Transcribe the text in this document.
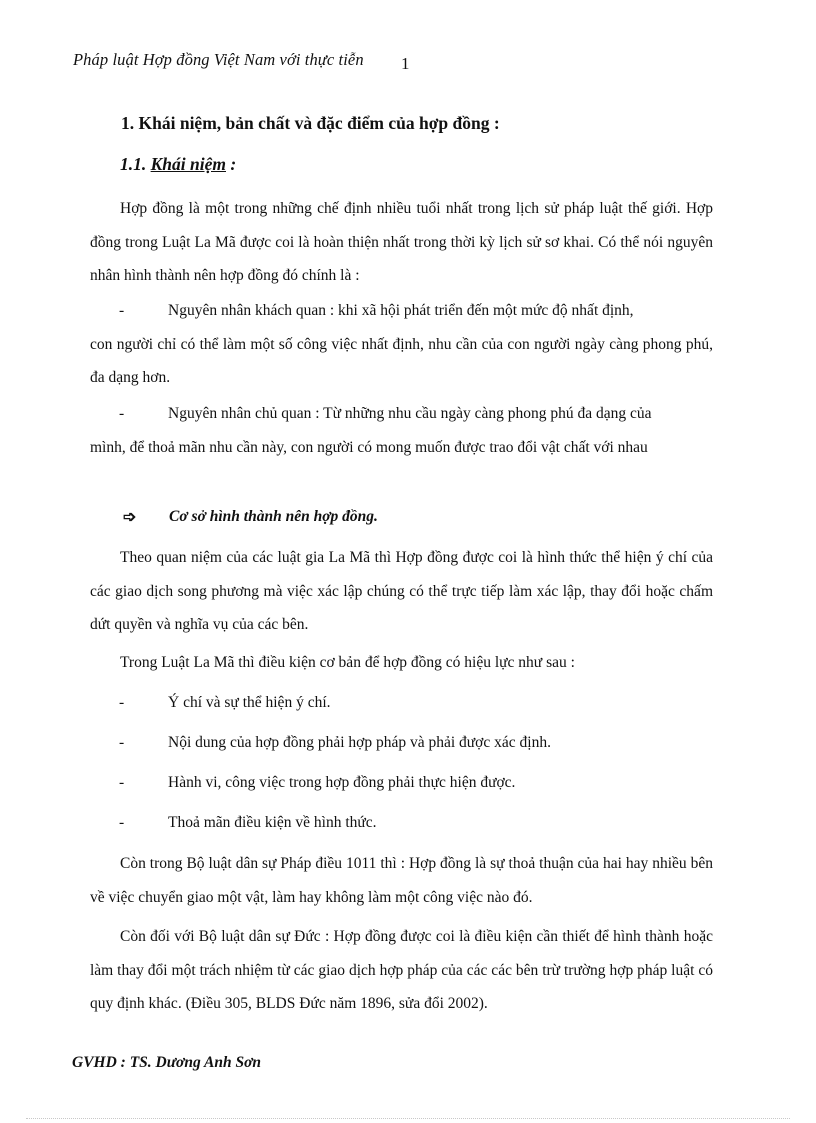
Pháp luật Hợp đồng Việt Nam với thực tiễn 1
1. Khái niệm, bản chất và đặc điểm của hợp đồng :
1.1. Khái niệm :
Hợp đồng là một trong những chế định nhiều tuổi nhất trong lịch sử pháp luật thế giới. Hợp đồng trong Luật La Mã được coi là hoàn thiện nhất trong thời kỳ lịch sử sơ khai. Có thể nói nguyên nhân hình thành nên hợp đồng đó chính là :
-	Nguyên nhân khách quan : khi xã hội phát triển đến một mức độ nhất định,
con người chỉ có thể làm một số công việc nhất định, nhu cần của con người ngày càng phong phú, đa dạng hơn.
-	Nguyên nhân chủ quan : Từ những nhu cầu ngày càng phong phú đa dạng của
mình, để thoả mãn nhu cần này, con người có mong muốn được trao đổi vật chất với nhau
➩ Cơ sở hình thành nên hợp đồng.
Theo quan niệm của các luật gia La Mã thì Hợp đồng được coi là hình thức thể hiện ý chí của các giao dịch song phương mà việc xác lập chúng có thể trực tiếp làm xác lập, thay đổi hoặc chấm dứt quyền và nghĩa vụ của các bên.
Trong Luật La Mã thì điều kiện cơ bản để hợp đồng có hiệu lực như sau :
-	Ý chí và sự thể hiện ý chí.
-	Nội dung của hợp đồng phải hợp pháp và phải được xác định.
-	Hành vi, công việc trong hợp đồng phải thực hiện được.
-	Thoả mãn điều kiện về hình thức.
Còn trong Bộ luật dân sự Pháp điều 1011 thì : Hợp đồng là sự thoả thuận của hai hay nhiều bên về việc chuyển giao một vật, làm hay không làm một công việc nào đó.
Còn đối với Bộ luật dân sự Đức : Hợp đồng được coi là điều kiện cần thiết để hình thành hoặc làm thay đổi một trách nhiệm từ các giao dịch hợp pháp của các các bên trừ trường hợp pháp luật có quy định khác. (Điều 305, BLDS Đức năm 1896, sửa đổi 2002).
GVHD : TS. Dương Anh Sơn
